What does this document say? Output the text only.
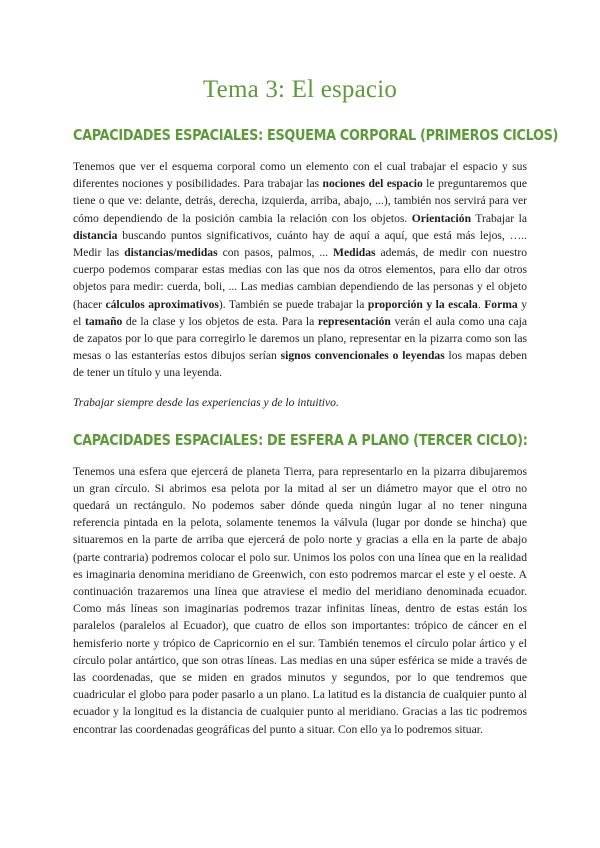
Tema 3: El espacio
CAPACIDADES ESPACIALES: ESQUEMA CORPORAL (PRIMEROS CICLOS)

Tenemos que ver el esquema corporal como un elemento con el cual trabajar el espacio y sus diferentes nociones y posibilidades. Para trabajar las nociones del espacio le preguntaremos que tiene o que ve: delante, detrás, derecha, izquierda, arriba, abajo, ...), también nos servirá para ver cómo dependiendo de la posición cambia la relación con los objetos. Orientación Trabajar la distancia buscando puntos significativos, cuánto hay de aquí a aquí, que está más lejos, ….. Medir las distancias/medidas con pasos, palmos, ... Medidas además, de medir con nuestro cuerpo podemos comparar estas medias con las que nos da otros elementos, para ello dar otros objetos para medir: cuerda, boli, ... Las medias cambian dependiendo de las personas y el objeto (hacer cálculos aproximativos). También se puede trabajar la proporción y la escala. Forma y el tamaño de la clase y los objetos de esta. Para la representación verán el aula como una caja de zapatos por lo que para corregirlo le daremos un plano, representar en la pizarra como son las mesas o las estanterías estos dibujos serían signos convencionales o leyendas los mapas deben de tener un título y una leyenda.

Trabajar siempre desde las experiencias y de lo intuitivo.

CAPACIDADES ESPACIALES: DE ESFERA A PLANO (TERCER CICLO):

Tenemos una esfera que ejercerá de planeta Tierra, para representarlo en la pizarra dibujaremos un gran círculo. Si abrimos esa pelota por la mitad al ser un diámetro mayor que el otro no quedará un rectángulo. No podemos saber dónde queda ningún lugar al no tener ninguna referencia pintada en la pelota, solamente tenemos la válvula (lugar por donde se hincha) que situaremos en la parte de arriba que ejercerá de polo norte y gracias a ella en la parte de abajo (parte contraria) podremos colocar el polo sur. Unimos los polos con una línea que en la realidad es imaginaria denomina meridiano de Greenwich, con esto podremos marcar el este y el oeste. A continuación trazaremos una línea que atraviese el medio del meridiano denominada ecuador. Como más líneas son imaginarias podremos trazar infinitas líneas, dentro de estas están los paralelos (paralelos al Ecuador), que cuatro de ellos son importantes: trópico de cáncer en el hemisferio norte y trópico de Capricornio en el sur. También tenemos el círculo polar ártico y el círculo polar antártico, que son otras líneas. Las medias en una súper esférica se mide a través de las coordenadas, que se miden en grados minutos y segundos, por lo que tendremos que cuadricular el globo para poder pasarlo a un plano. La latitud es la distancia de cualquier punto al ecuador y la longitud es la distancia de cualquier punto al meridiano. Gracias a las tic podremos encontrar las coordenadas geográficas del punto a situar. Con ello ya lo podremos situar.
